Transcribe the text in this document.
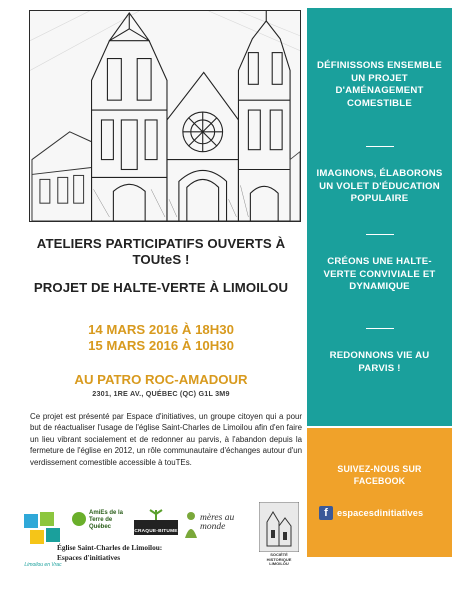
ATELIERS PARTICIPATIFS OUVERTS À TOUteS !
PROJET DE HALTE-VERTE À LIMOILOU
14 MARS 2016 À 18H30
15 MARS 2016 À 10H30
AU PATRO ROC-AMADOUR
2301, 1RE AV., QUÉBEC (QC) G1L 3M9
Ce projet est présenté par Espace d'initiatives, un groupe citoyen qui a pour but de réactualiser l'usage de l'église Saint-Charles de Limoilou afin d'en faire un lieu vibrant socialement et de redonner au parvis, à l'abandon depuis la fermeture de l'église en 2012, un rôle communautaire d'échanges autour d'un verdissement comestible accessible à touTEs.
DÉFINISSONS ENSEMBLE UN PROJET D'AMÉNAGEMENT COMESTIBLE
IMAGINONS, ÉLABORONS UN VOLET D'ÉDUCATION POPULAIRE
CRÉONS UNE HALTE-VERTE CONVIVIALE ET DYNAMIQUE
REDONNONS VIE AU PARVIS !
SUIVEZ-NOUS SUR FACEBOOK
f espacesdinitiatives
Limoilou en Vrac
AmiEs de la Terre de Québec
CRAQUE-BITUME
mères au monde
SOCIÉTÉ HISTORIQUE LIMOILOU
Église Saint-Charles de Limoilou:
Espaces d'initiatives
